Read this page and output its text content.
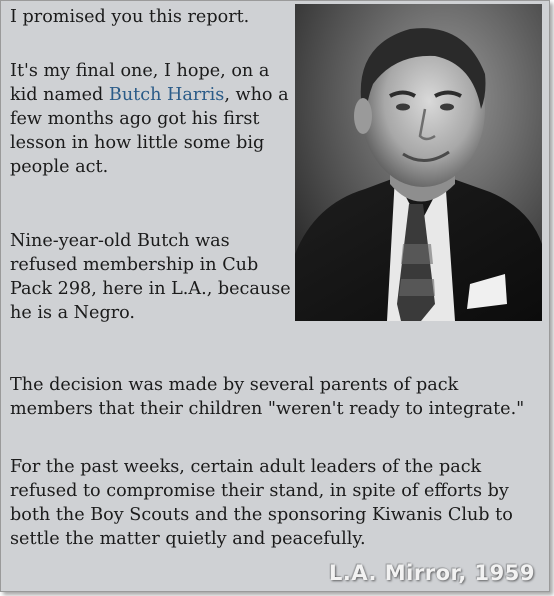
I promised you this report.

It's my final one, I hope, on a kid named Butch Harris, who a few months ago got his first lesson in how little some big people act.

Nine-year-old Butch was refused membership in Cub Pack 298, here in L.A., because he is a Negro.

The decision was made by several parents of pack members that their children "weren't ready to integrate."

For the past weeks, certain adult leaders of the pack refused to compromise their stand, in spite of efforts by both the Boy Scouts and the sponsoring Kiwanis Club to settle the matter quietly and peacefully.

L.A. Mirror, 1959
